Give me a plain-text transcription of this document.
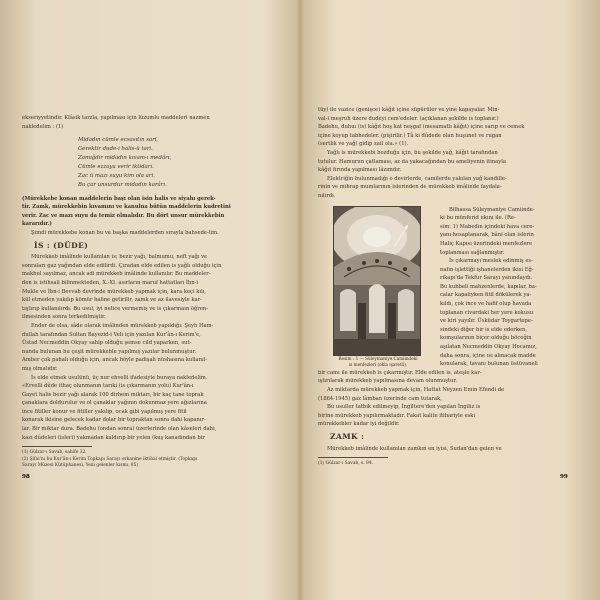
ekseriyyetindir. Klâsik tarzla, yapılması için lüzumlu maddeleri nazmen
nakledelim : (1)
Midadın cümle ecsasıtın sari,
Gerektir dude-i halis-ü tari.
Zamığdır midadın kıvam-ı medârı,
Cümle ezzaya verir iktidarı.
Zac ü mazı suyu kim ola ari.
Bu çar unsurdur midadın karârı.
(Mürekkebe konan maddelerin başı olan isin halis ve siyahı gerek-
tir. Zamk, mürekkebin kıvamını ve kanulna bütün maddelerin kudretini
verir. Zac ve mazı suyu da temiz olmalıdır. Bu dört unsur mürekkebin
kararıdır.)
Şimdi mürekkebe konan bu ve başka maddelerden sırayla bahsede-lim.
İS : (DÜDE)
Mürekkeb imâlinde kullanılan is; bezir yağı, balmumu, neft yağı ve
sonraları gaz yağından elde edilirdi. Çıradan elde edilen is yağlı olduğu için
makbul sayılmaz, ancak adi mürekkeb imâlinde kullanılır. Bu maddeler-
den is istihsali bilinmekteden, X.-XI. asırların maruf hattatları İbn-i
Mukle ve İbn-i Bevvab devrinde mürekkeb yapmak için, kara keçi kılı,
kül etmeden yakılıp kömür haline getirilir, zamk ve az ilavesiyle kar-
tıştırıp kullanılırdı. Bu usul, iyi netice vermemiş ve is çıkarmaın öğren-
ilmesinden sonra terkedilmiştir.
Ender de olsa, sâde olarak imâlinden mürekkeb yapıldığı: Şeyh Ham-
dullah tarafından Sultan Bayezid-i Veli için yazılan Kur'ân-ı Kerim'e,
Üstad Necmeddin Okyay sahip olduğu şemse cild yaparken, sut-
nunda bulunan bu çeşit mürekkeble yapılmış yazılar bulunmuştur.
Amber çok pahalı olduğu için, ancak böyle padişah nüshasına kullanıl-
mış olmalıdır.
İs elde etmek usulünü, üç nur ehvelli ifadesiyle buraya nakledelim.
«Ervelli dûde ithaç olunmanın tarıki (is çıkarmanın yolu) Kur'ân-ı
Gayet halis bezir yağı alarak 100 dirhem miktarı, bir kaç tane toprak
çanaklara doldurulur ve ol çanaklar yağının dokunmaz yere ağızlarına
ince fitiller konur ve fitiller yakılıp, ocak gibi yapılmış yere fitil
konarak ikisine gelecek kadar dolar bir topraktan sonra dahi kapanır-
lar. Bir miktar dura. Badehu (ondan sonra) üzerlerinde olan kâseleri dahi,
kazı dûdeleri (isleri) yakmadan kaldırıp bir yelen (kuş kanadından bir
(1) Gülzar-ı Savab, sahife 32.
(2) Şifai'nı bu Kur'ân-ı Kerim Topkapı Sarayı erkanlne iktibal etmiştir. (Topkapı
Sarayı Müzesi Kütüphanesi, Yeni gelenler kısmı, 85)
98
tüy) ile vazice (genişce) kâğıt içine süpürüler ve yine kapayalar. Min-
val-i meşruh üzere dudeyi cem'edeler. (açıklanan şekilde is toplanır.)
Badehu, duhuı (is) kâğıt hoş kat neşgaf (mesamatlı kâğıt) içine sarıp ve cemek
içine koyup tabhedeler. (pişirilir.) Tâ ki dûdede olan huşunet ve rugan
(sertlik ve yağ) gidip zail ola.» (1).
Yağlı is mürekkebi bozduğu için, bu şekilde yağ, kâğıt tarafından
tutulur. Hamurun çatlaması, az da yakacağından bu ameliyenin itinayla
kâğıt fırında yapılması lâzımdır.
Elektriğin bulunmadığı o devirlerde, camilerde yakılan yağ kandille-
rinin ve mihrap mumlarının islerinden de mürekkeb imâlinde faydala-
nılırdı.
Bilhassa Süleymaniye Camiinde-
ki bu münferid ııkını ile. (Re-
sim: 1) Mabedin içindeki hava cere-
yanı hesaplanarak, bâni olan islerin
Haliç Kapısı üzerindeki menfezlere
toplanması sağlanmıştır.
İs çıkarmayı meslek edinmiş es-
nafın işlettiği işhanelerden ikisi Eğ-
rikapı'da Tekfur Sarayı yanındaydı.
Bu kubbeli mahzenlerde, kapılar, ba-
calar kapalıyken fitil dökülerek ya-
kıldı, çok ince ve hafif olup havada
toplanan civardaki her yere kokusu
ve kiri yayılır. Üsküdar Toygartepe-
sindeki diğer bir is elde ederken,
komşularının biçer olduğu böceğin
aşılatan Necmeddin Okyay Hocamız,
daha sonra, içine ısı alınacak madde
konularak, tavanı bulunan üstüvaneli
bir camı ile mürekkeb is çıkarmıştır. Elde edilen is, ateşle kar-
ıştırılarak mürekkeb yapılmasına devam olunmuştur.
Az miktarda mürekkeb yapmak için, Hattat Neyzen Emin Efendi de
(1864-1945) gaz lâmban üzerinde cam tutarak,
Bu usuller tatbik edilmeyip, İngiltere'den yapılan İngiliz is
birine mürekkeb yapılırmaktadır. Fakat kalite itibariyle eski
mürekkebler kadar iyi değildir.
ZAMK :
Mürekkeb imâlinde kullanılan zamkın en iyisi, Sudan'dan gelen ve
(1) Gülzar-ı Savab, s. 94.
99
Resim : 1 — Süleymaniye Camiindeki
is menfezleri (okla işaretli).
